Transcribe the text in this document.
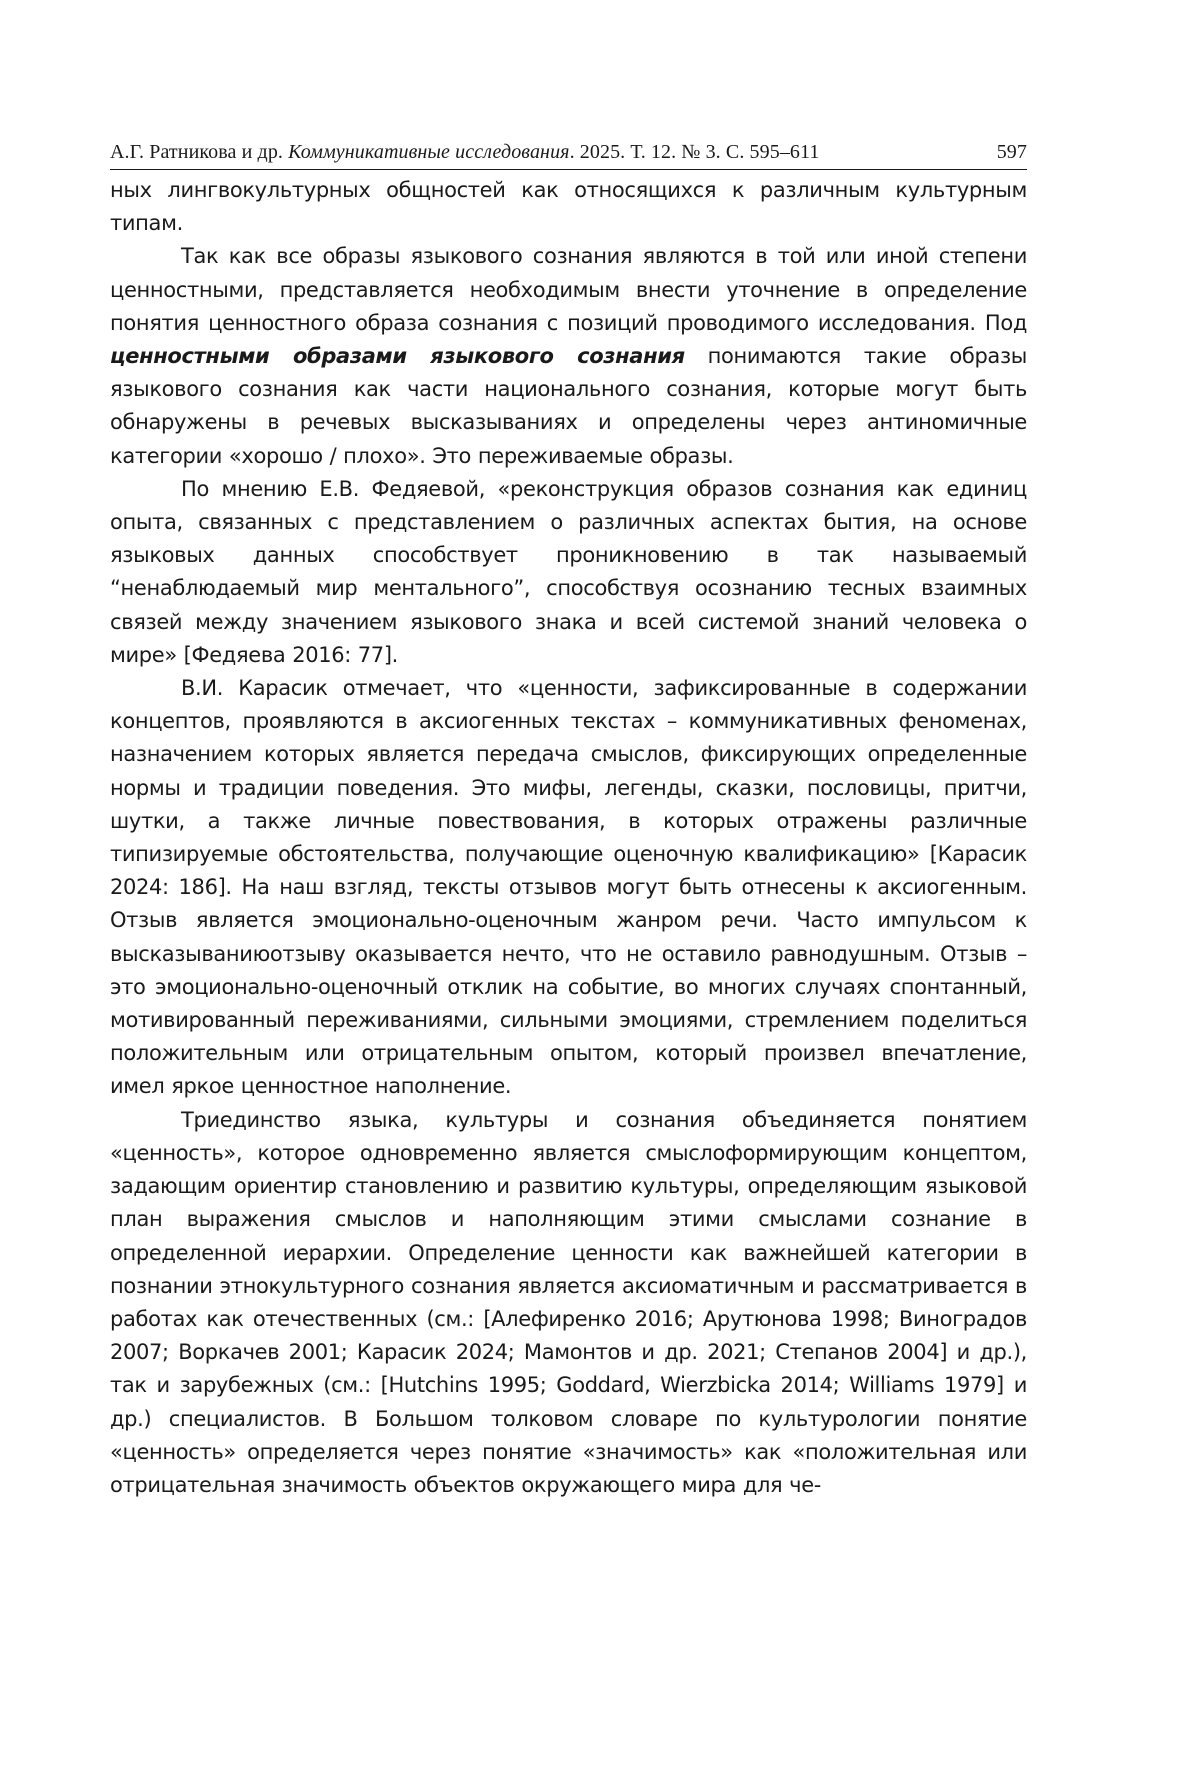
А.Г. Ратникова и др. Коммуникативные исследования. 2025. Т. 12. № 3. С. 595–611	597

ных лингвокультурных общностей как относящихся к различным культурным типам.

Так как все образы языкового сознания являются в той или иной степени ценностными, представляется необходимым внести уточнение в определение понятия ценностного образа сознания с позиций проводимого исследования. Под ценностными образами языкового сознания понимаются такие образы языкового сознания как части национального сознания, которые могут быть обнаружены в речевых высказываниях и определены через антиномичные категории «хорошо / плохо». Это переживаемые образы.

По мнению Е.В. Федяевой, «реконструкция образов сознания как единиц опыта, связанных с представлением о различных аспектах бытия, на основе языковых данных способствует проникновению в так называемый “ненаблюдаемый мир ментального”, способствуя осознанию тесных взаимных связей между значением языкового знака и всей системой знаний человека о мире» [Федяева 2016: 77].

В.И. Карасик отмечает, что «ценности, зафиксированные в содержании концептов, проявляются в аксиогенных текстах – коммуникативных феноменах, назначением которых является передача смыслов, фиксирующих определенные нормы и традиции поведения. Это мифы, легенды, сказки, пословицы, притчи, шутки, а также личные повествования, в которых отражены различные типизируемые обстоятельства, получающие оценочную квалификацию» [Карасик 2024: 186]. На наш взгляд, тексты отзывов могут быть отнесены к аксиогенным. Отзыв является эмоционально-оценочным жанром речи. Часто импульсом к высказываниюотзыву оказывается нечто, что не оставило равнодушным. Отзыв – это эмоционально-оценочный отклик на событие, во многих случаях спонтанный, мотивированный переживаниями, сильными эмоциями, стремлением поделиться положительным или отрицательным опытом, который произвел впечатление, имел яркое ценностное наполнение.

Триединство языка, культуры и сознания объединяется понятием «ценность», которое одновременно является смыслоформирующим концептом, задающим ориентир становлению и развитию культуры, определяющим языковой план выражения смыслов и наполняющим этими смыслами сознание в определенной иерархии. Определение ценности как важнейшей категории в познании этнокультурного сознания является аксиоматичным и рассматривается в работах как отечественных (см.: [Алефиренко 2016; Арутюнова 1998; Виноградов 2007; Воркачев 2001; Карасик 2024; Мамонтов и др. 2021; Степанов 2004] и др.), так и зарубежных (см.: [Hutchins 1995; Goddard, Wierzbicka 2014; Williams 1979] и др.) специалистов. В Большом толковом словаре по культурологии понятие «ценность» определяется через понятие «значимость» как «положительная или отрицательная значимость объектов окружающего мира для че-
